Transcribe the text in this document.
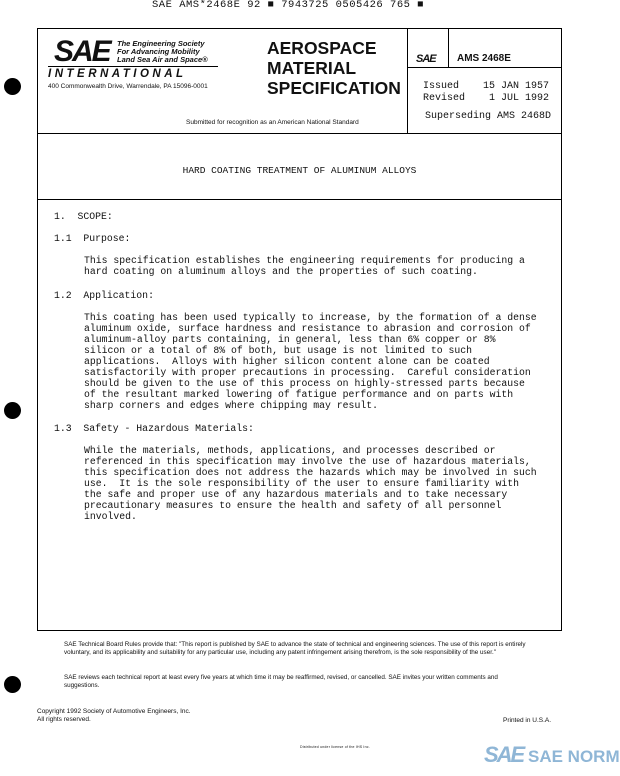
SAE AMS*2468E 92 ■ 7943725 0505426 765 ■
SAE The Engineering Society For Advancing Mobility Land Sea Air and Space®
INTERNATIONAL
400 Commonwealth Drive, Warrendale, PA 15096-0001
AEROSPACE
MATERIAL
SPECIFICATION
Submitted for recognition as an American National Standard
SAE AMS 2468E
Issued    15 JAN 1957
Revised    1 JUL 1992
Superseding AMS 2468D
HARD COATING TREATMENT OF ALUMINUM ALLOYS

1.  SCOPE:

1.1  Purpose:

This specification establishes the engineering requirements for producing a
hard coating on aluminum alloys and the properties of such coating.

1.2  Application:

This coating has been used typically to increase, by the formation of a dense
aluminum oxide, surface hardness and resistance to abrasion and corrosion of
aluminum-alloy parts containing, in general, less than 6% copper or 8%
silicon or a total of 8% of both, but usage is not limited to such
applications.  Alloys with higher silicon content alone can be coated
satisfactorily with proper precautions in processing.  Careful consideration
should be given to the use of this process on highly-stressed parts because
of the resultant marked lowering of fatigue performance and on parts with
sharp corners and edges where chipping may result.

1.3  Safety - Hazardous Materials:

While the materials, methods, applications, and processes described or
referenced in this specification may involve the use of hazardous materials,
this specification does not address the hazards which may be involved in such
use.  It is the sole responsibility of the user to ensure familiarity with
the safe and proper use of any hazardous materials and to take necessary
precautionary measures to ensure the health and safety of all personnel
involved.

SAE Technical Board Rules provide that: "This report is published by SAE to advance the state of technical and engineering sciences. The use of this report is entirely voluntary, and its applicability and suitability for any particular use, including any patent infringement arising therefrom, is the sole responsibility of the user."
SAE reviews each technical report at least every five years at which time it may be reaffirmed, revised, or cancelled. SAE invites your written comments and suggestions.
Copyright 1992 Society of Automotive Engineers, Inc.
All rights reserved.	Printed in U.S.A.
Distributed under license of the IHS Inc.	SAE SAE NORM
